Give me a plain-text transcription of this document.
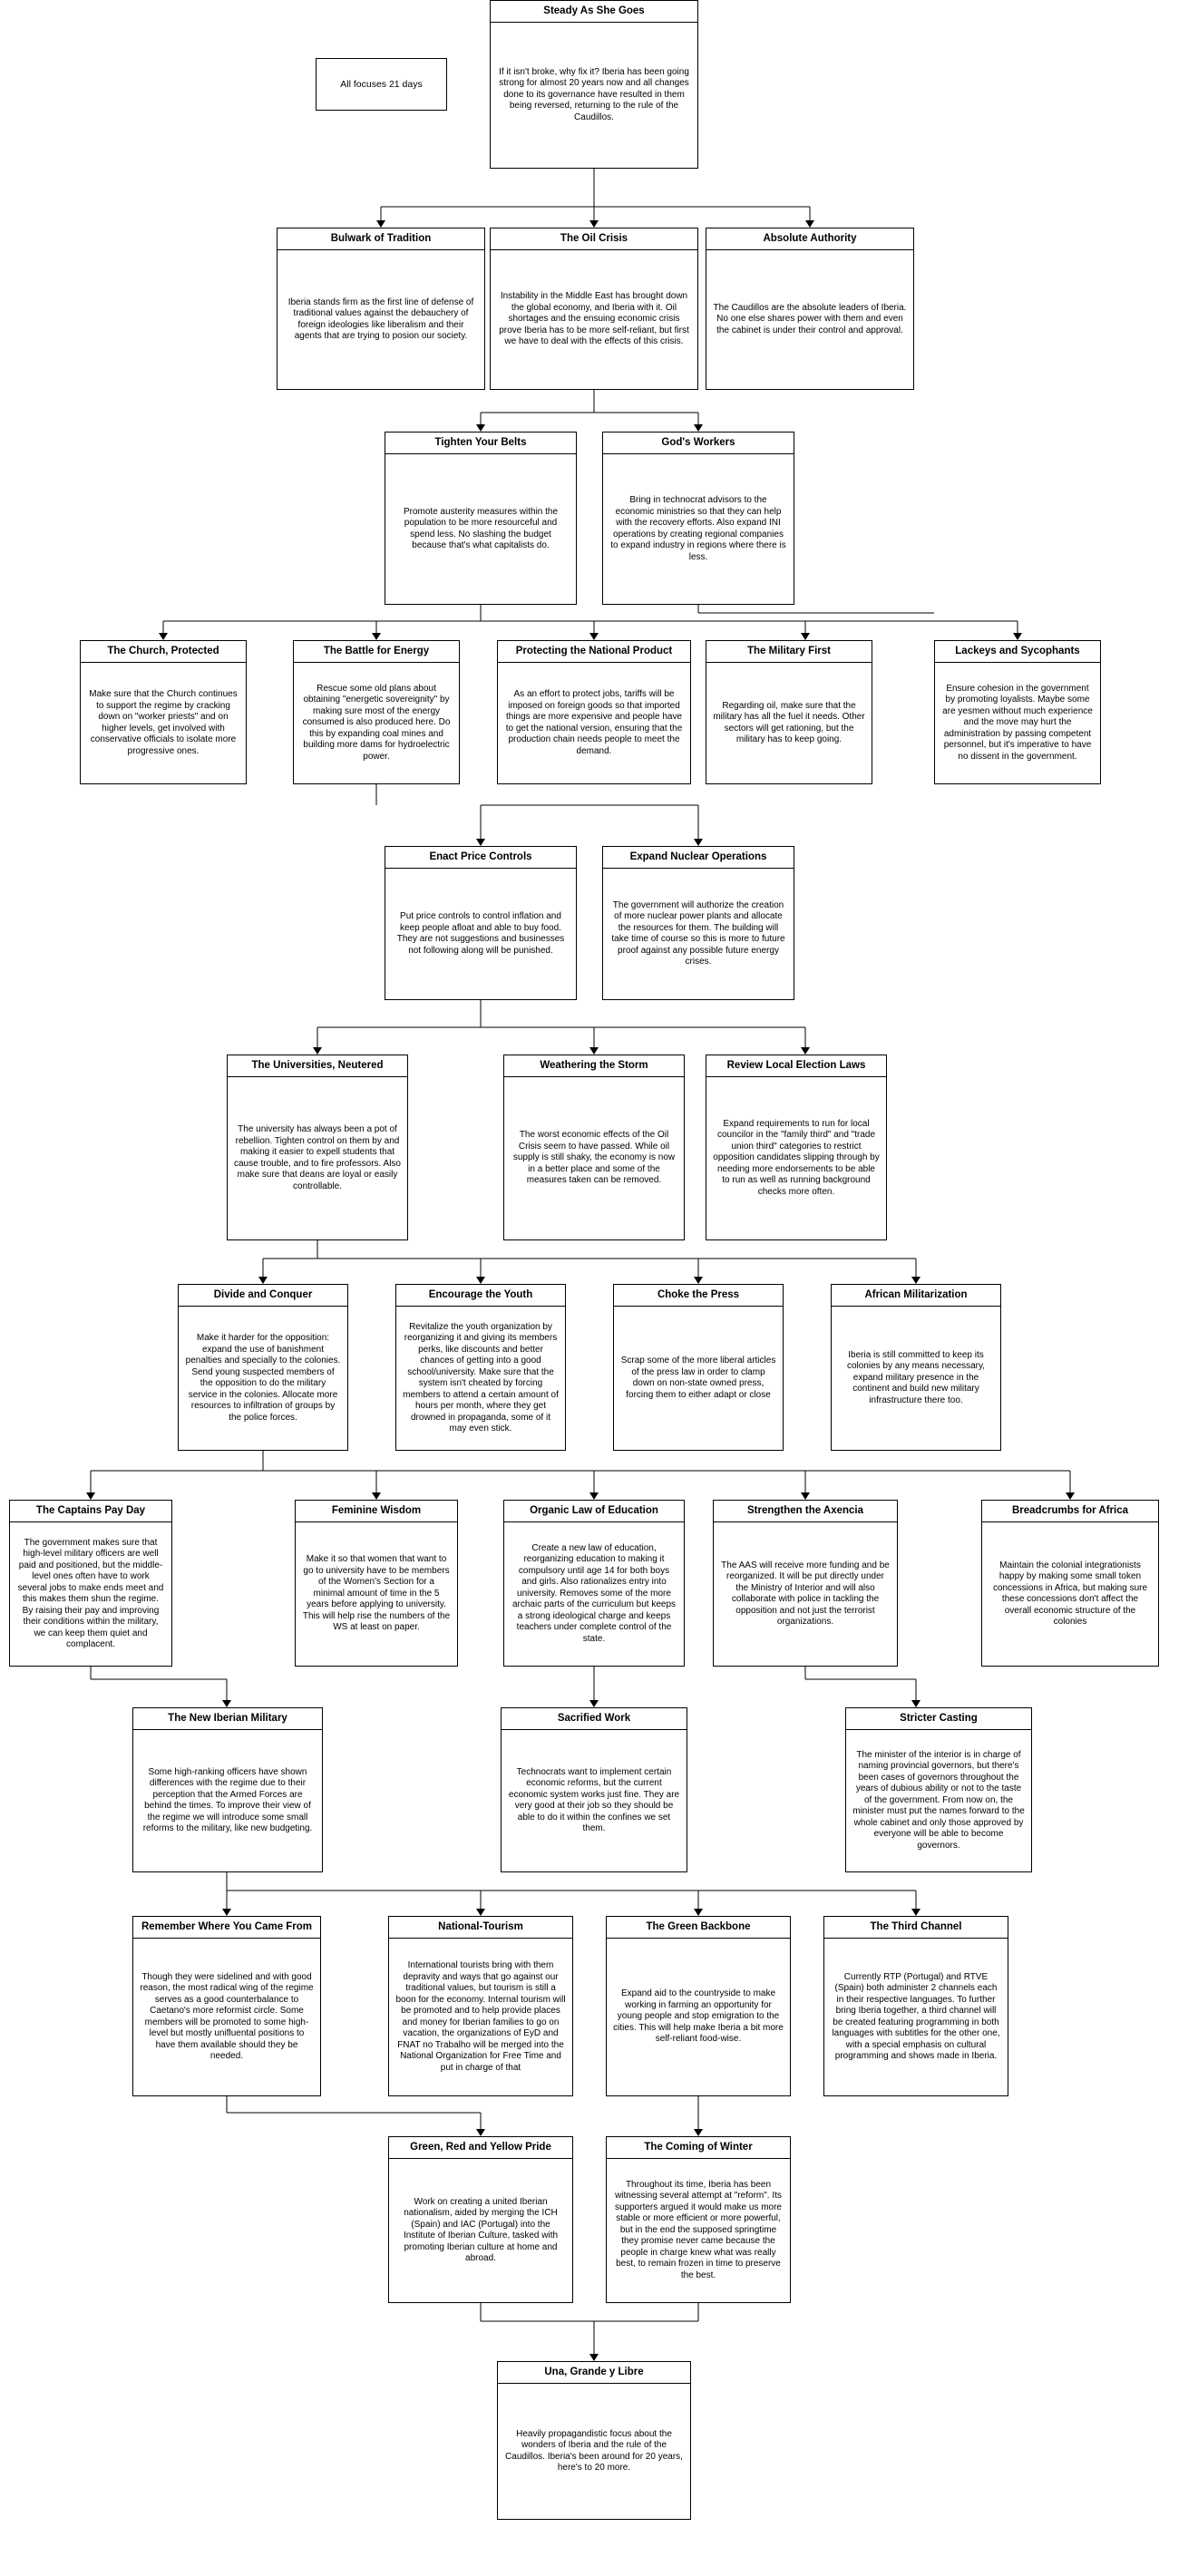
All focuses 21 days
Steady As She Goes
If it isn't broke, why fix it? Iberia has been going strong for almost 20 years now and all changes done to its governance have resulted in them being reversed, returning to the rule of the Caudillos.
Bulwark of Tradition
Iberia stands firm as the first line of defense of traditional values against the debauchery of foreign ideologies like liberalism and their agents that are trying to posion our society.
The Oil Crisis
Instability in the Middle East has brought down the global economy, and Iberia with it. Oil shortages and the ensuing economic crisis prove Iberia has to be more self-reliant, but first we have to deal with the effects of this crisis.
Absolute Authority
The Caudillos are the absolute leaders of Iberia. No one else shares power with them and even the cabinet is under their control and approval.
Tighten Your Belts
Promote austerity measures within the population to be more resourceful and spend less. No slashing the budget because that's what capitalists do.
God's Workers
Bring in technocrat advisors to the economic ministries so that they can help with the recovery efforts. Also expand INI operations by creating regional companies to expand industry in regions where there is less.
The Church, Protected
Make sure that the Church continues to support the regime by cracking down on "worker priests" and on higher levels, get involved with conservative officials to isolate more progressive ones.
The Battle for Energy
Rescue some old plans about obtaining "energetic sovereignity" by making sure most of the energy consumed is also produced here. Do this by expanding coal mines and building more dams for hydroelectric power.
Protecting the National Product
As an effort to protect jobs, tariffs will be imposed on foreign goods so that imported things are more expensive and people have to get the national version, ensuring that the production chain needs people to meet the demand.
The Military First
Regarding oil, make sure that the military has all the fuel it needs. Other sectors will get rationing, but the military has to keep going.
Lackeys and Sycophants
Ensure cohesion in the government by promoting loyalists. Maybe some are yesmen without much experience and the move may hurt the administration by passing competent personnel, but it's imperative to have no dissent in the government.
Enact Price Controls
Put price controls to control inflation and keep people afloat and able to buy food. They are not suggestions and businesses not following along will be punished.
Expand Nuclear Operations
The government will authorize the creation of more nuclear power plants and allocate the resources for them. The building will take time of course so this is more to future proof against any possible future energy crises.
The Universities, Neutered
The university has always been a pot of rebellion. Tighten control on them by and making it easier to expell students that cause trouble, and to fire professors. Also make sure that deans are loyal or easily controllable.
Weathering the Storm
The worst economic effects of the Oil Crisis seem to have passed. While oil supply is still shaky, the economy is now in a better place and some of the measures taken can be removed.
Review Local Election Laws
Expand requirements to run for local councilor in the "family third" and "trade union third" categories to restrict opposition candidates slipping through by needing more endorsements to be able to run as well as running background checks more often.
Divide and Conquer
Make it harder for the opposition: expand the use of banishment penalties and specially to the colonies. Send young suspected members of the opposition to do the military service in the colonies. Allocate more resources to infiltration of groups by the police forces.
Encourage the Youth
Revitalize the youth organization by reorganizing it and giving its members perks, like discounts and better chances of getting into a good school/university. Make sure that the system isn't cheated by forcing members to attend a certain amount of hours per month, where they get drowned in propaganda, some of it may even stick.
Choke the Press
Scrap some of the more liberal articles of the press law in order to clamp down on non-state owned press, forcing them to either adapt or close
African Militarization
Iberia is still committed to keep its colonies by any means necessary, expand military presence in the continent and build new military infrastructure there too.
The Captains Pay Day
The government makes sure that high-level military officers are well paid and positioned, but the middle-level ones often have to work several jobs to make ends meet and this makes them shun the regime. By raising their pay and improving their conditions within the military, we can keep them quiet and complacent.
Feminine Wisdom
Make it so that women that want to go to university have to be members of the Women's Section for a minimal amount of time in the 5 years before applying to university. This will help rise the numbers of the WS at least on paper.
Organic Law of Education
Create a new law of education, reorganizing education to making it compulsory until age 14 for both boys and girls. Also rationalizes entry into university. Removes some of the more archaic parts of the curriculum but keeps a strong ideological charge and keeps teachers under complete control of the state.
Strengthen the Axencia
The AAS will receive more funding and be reorganized. It will be put directly under the Ministry of Interior and will also collaborate with police in tackling the opposition and not just the terrorist organizations.
Breadcrumbs for Africa
Maintain the colonial integrationists happy by making some small token concessions in Africa, but making sure these concessions don't affect the overall economic structure of the colonies
The New Iberian Military
Some high-ranking officers have shown differences with the regime due to their perception that the Armed Forces are behind the times. To improve their view of the regime we will introduce some small reforms to the military, like new budgeting.
Sacrified Work
Technocrats want to implement certain economic reforms, but the current economic system works just fine. They are very good at their job so they should be able to do it within the confines we set them.
Stricter Casting
The minister of the interior is in charge of naming provincial governors, but there's been cases of governors throughout the years of dubious ability or not to the taste of the government. From now on, the minister must put the names forward to the whole cabinet and only those approved by everyone will be able to become governors.
Remember Where You Came From
Though they were sidelined and with good reason, the most radical wing of the regime serves as a good counterbalance to Caetano's more reformist circle. Some members will be promoted to some high-level but mostly unifluental positions to have them available should they be needed.
National-Tourism
International tourists bring with them depravity and ways that go against our traditional values, but tourism is still a boon for the economy. Internal tourism will be promoted and to help provide places and money for Iberian families to go on vacation, the organizations of EyD and FNAT no Trabalho will be merged into the National Organization for Free Time and put in charge of that
The Green Backbone
Expand aid to the countryside to make working in farming an opportunity for young people and stop emigration to the cities. This will help make Iberia a bit more self-reliant food-wise.
The Third Channel
Currently RTP (Portugal) and RTVE (Spain) both administer 2 channels each in their respective languages. To further bring Iberia together, a third channel will be created featuring programming in both languages with subtitles for the other one, with a special emphasis on cultural programming and shows made in Iberia.
Green, Red and Yellow Pride
Work on creating a united Iberian nationalism, aided by merging the ICH (Spain) and IAC (Portugal) into the Institute of Iberian Culture, tasked with promoting Iberian culture at home and abroad.
The Coming of Winter
Throughout its time, Iberia has been witnessing several attempt at "reform". Its supporters argued it would make us more stable or more efficient or more powerful, but in the end the supposed springtime they promise never came because the people in charge knew what was really best, to remain frozen in time to preserve the best.
Una, Grande y Libre
Heavily propagandistic focus about the wonders of Iberia and the rule of the Caudillos. Iberia's been around for 20 years, here's to 20 more.
